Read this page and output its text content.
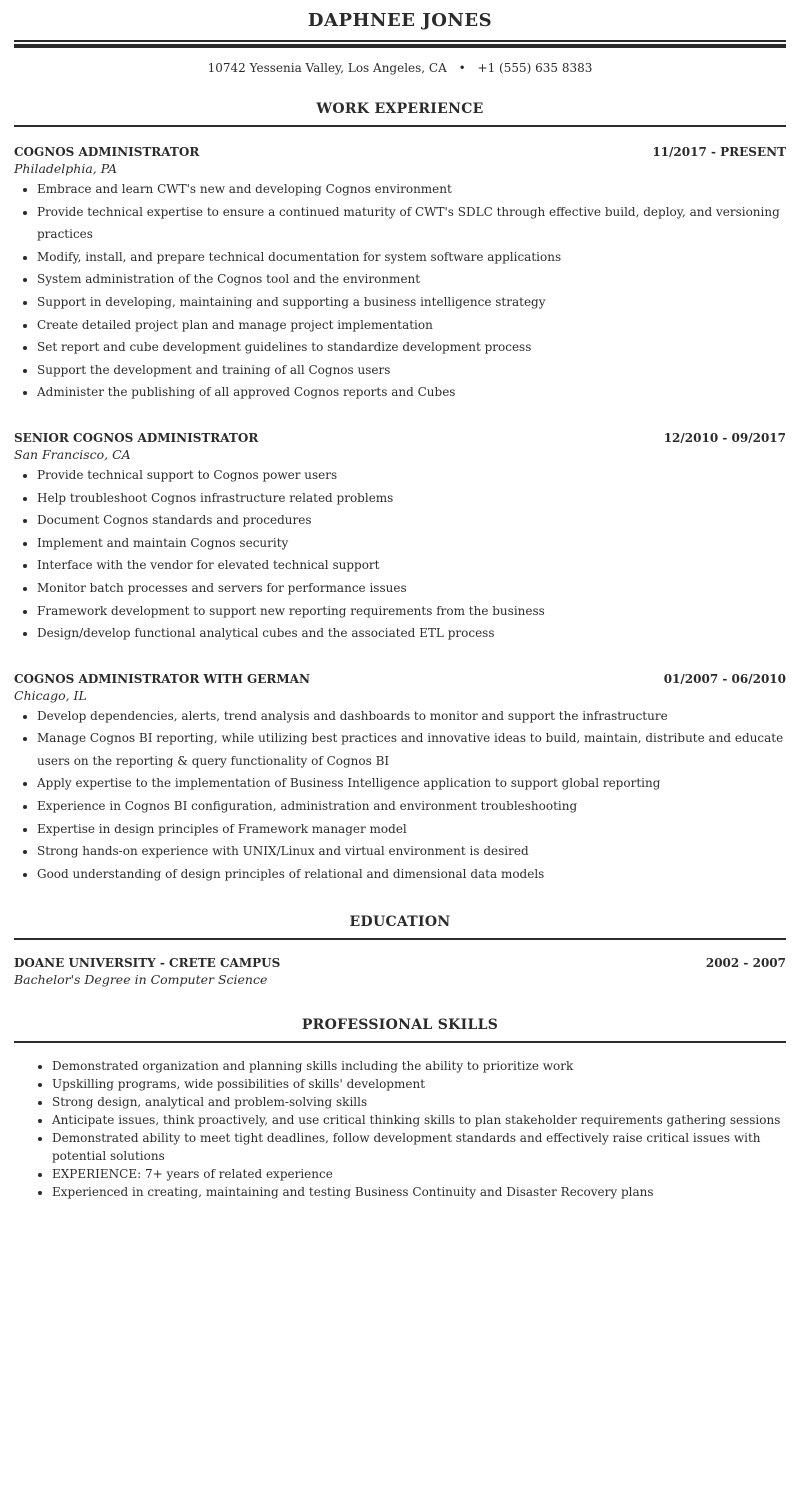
DAPHNEE JONES
10742 Yessenia Valley, Los Angeles, CA • +1 (555) 635 8383
WORK EXPERIENCE
COGNOS ADMINISTRATOR	11/2017 - PRESENT
Philadelphia, PA
• Embrace and learn CWT's new and developing Cognos environment
• Provide technical expertise to ensure a continued maturity of CWT's SDLC through effective build, deploy, and versioning practices
• Modify, install, and prepare technical documentation for system software applications
• System administration of the Cognos tool and the environment
• Support in developing, maintaining and supporting a business intelligence strategy
• Create detailed project plan and manage project implementation
• Set report and cube development guidelines to standardize development process
• Support the development and training of all Cognos users
• Administer the publishing of all approved Cognos reports and Cubes
SENIOR COGNOS ADMINISTRATOR	12/2010 - 09/2017
San Francisco, CA
• Provide technical support to Cognos power users
• Help troubleshoot Cognos infrastructure related problems
• Document Cognos standards and procedures
• Implement and maintain Cognos security
• Interface with the vendor for elevated technical support
• Monitor batch processes and servers for performance issues
• Framework development to support new reporting requirements from the business
• Design/develop functional analytical cubes and the associated ETL process
COGNOS ADMINISTRATOR WITH GERMAN	01/2007 - 06/2010
Chicago, IL
• Develop dependencies, alerts, trend analysis and dashboards to monitor and support the infrastructure
• Manage Cognos BI reporting, while utilizing best practices and innovative ideas to build, maintain, distribute and educate users on the reporting & query functionality of Cognos BI
• Apply expertise to the implementation of Business Intelligence application to support global reporting
• Experience in Cognos BI configuration, administration and environment troubleshooting
• Expertise in design principles of Framework manager model
• Strong hands-on experience with UNIX/Linux and virtual environment is desired
• Good understanding of design principles of relational and dimensional data models
EDUCATION
DOANE UNIVERSITY - CRETE CAMPUS	2002 - 2007
Bachelor's Degree in Computer Science
PROFESSIONAL SKILLS
• Demonstrated organization and planning skills including the ability to prioritize work
• Upskilling programs, wide possibilities of skills' development
• Strong design, analytical and problem-solving skills
• Anticipate issues, think proactively, and use critical thinking skills to plan stakeholder requirements gathering sessions
• Demonstrated ability to meet tight deadlines, follow development standards and effectively raise critical issues with potential solutions
• EXPERIENCE: 7+ years of related experience
• Experienced in creating, maintaining and testing Business Continuity and Disaster Recovery plans
